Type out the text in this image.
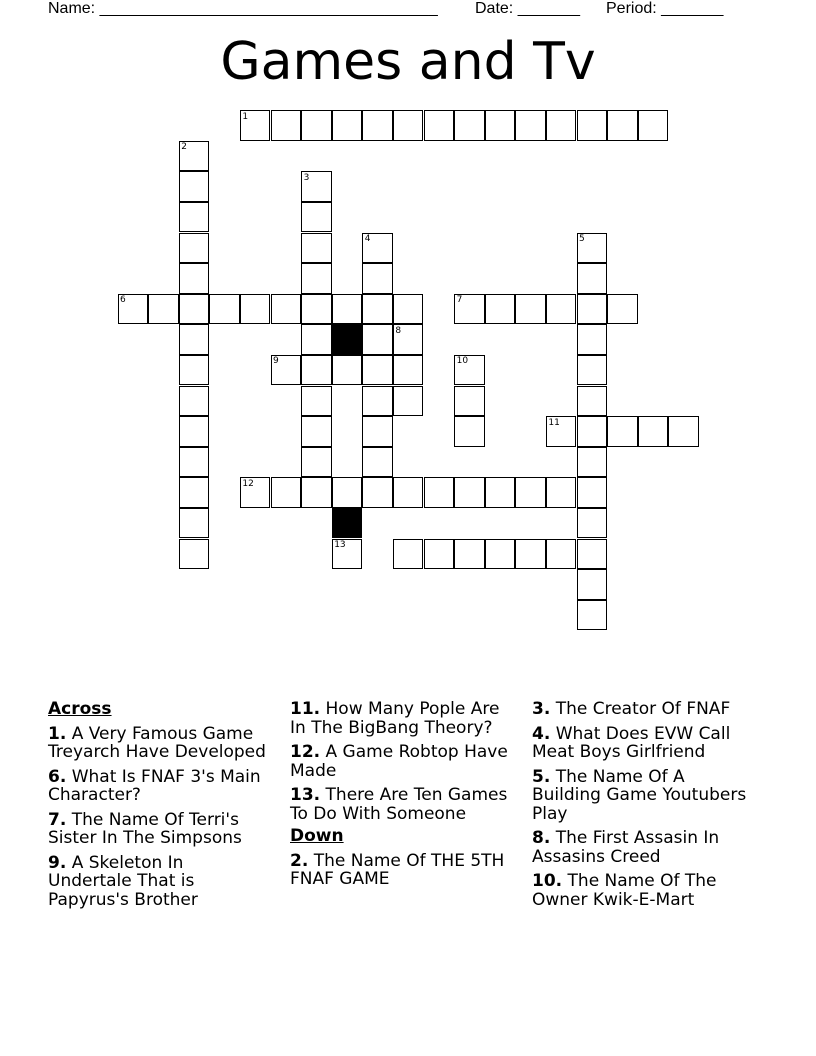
Name: ______________________________________

Date: _______

Period: _______

Games and Tv
1
2
3
4	5
6	7
8
9	10
11
12
13
Across
1. A Very Famous Game Treyarch Have Developed
6. What Is FNAF 3's Main Character?
7. The Name Of Terri's Sister In The Simpsons
9. A Skeleton In Undertale That is Papyrus's Brother
11. How Many Pople Are In The BigBang Theory?
12. A Game Robtop Have Made
13. There Are Ten Games To Do With Someone
Down
2. The Name Of THE 5TH FNAF GAME
3. The Creator Of FNAF
4. What Does EVW Call Meat Boys Girlfriend
5. The Name Of A Building Game Youtubers Play
8. The First Assasin In Assasins Creed
10. The Name Of The Owner Kwik-E-Mart
